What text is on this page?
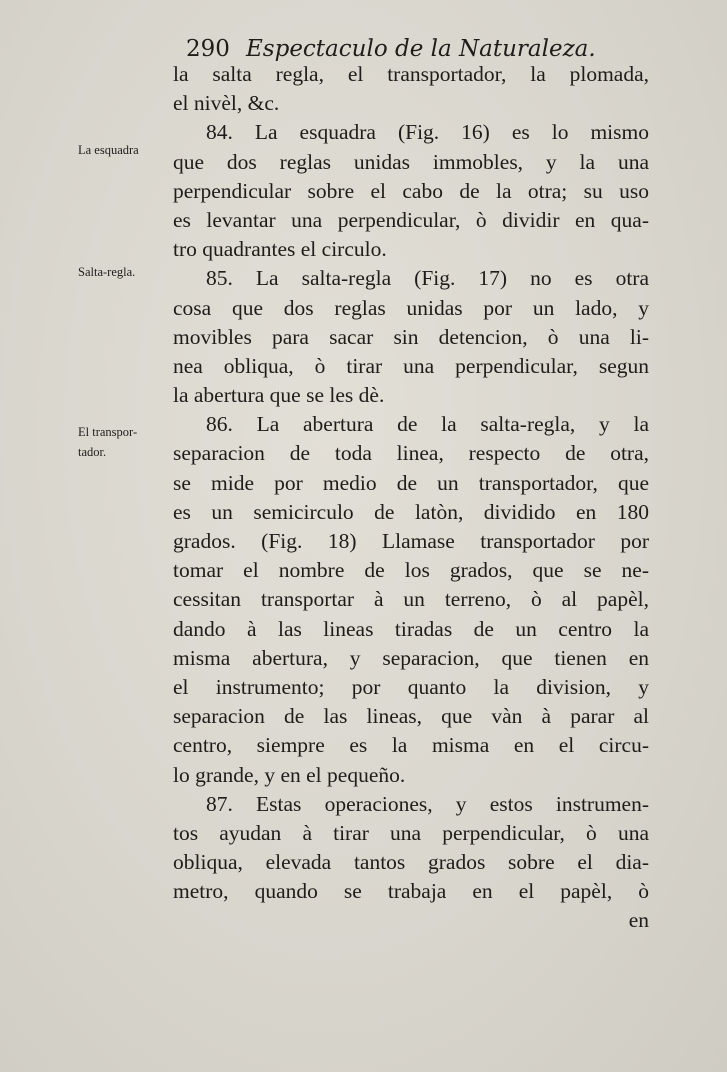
290 Espectaculo de la Naturaleza.
La esquadra
Salta-regla.
El transpor-
tador.
la salta regla, el transportador, la plomada,
el nivèl, &c.
84. La esquadra (Fig. 16) es lo mismo
que dos reglas unidas immobles, y la una
perpendicular sobre el cabo de la otra; su uso
es levantar una perpendicular, ò dividir en qua-
tro quadrantes el circulo.
85. La salta-regla (Fig. 17) no es otra
cosa que dos reglas unidas por un lado, y
movibles para sacar sin detencion, ò una li-
nea obliqua, ò tirar una perpendicular, segun
la abertura que se les dè.
86. La abertura de la salta-regla, y la
separacion de toda linea, respecto de otra,
se mide por medio de un transportador, que
es un semicirculo de latòn, dividido en 180
grados. (Fig. 18) Llamase transportador por
tomar el nombre de los grados, que se ne-
cessitan transportar à un terreno, ò al papèl,
dando à las lineas tiradas de un centro la
misma abertura, y separacion, que tienen en
el instrumento; por quanto la division, y
separacion de las lineas, que vàn à parar al
centro, siempre es la misma en el circu-
lo grande, y en el pequeño.
87. Estas operaciones, y estos instrumen-
tos ayudan à tirar una perpendicular, ò una
obliqua, elevada tantos grados sobre el dia-
metro, quando se trabaja en el papèl, ò
en
